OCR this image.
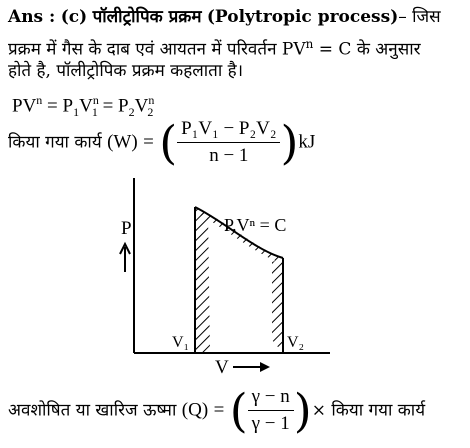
Ans : (c) पॉलीट्रोपिक प्रक्रम (Polytropic process)– जिस
प्रक्रम में गैस के दाब एवं आयतन में परिवर्तन $PV^n = C$ के अनुसार
होते है, पॉलीट्रोपिक प्रक्रम कहलाता है।
$PV^n = P_1V^n_1 = P_2V^n_2$
किया गया कार्य (W) = ( $\frac{\text{P₁V₁ − P₂V₂}}{n - 1} )kJ$
P
V
V₁	V₂
P.Vⁿ = C
अवशोषित या खारिज ऊष्मा (Q) = ( $\frac{\gamma - n}{\gamma - 1}$ )× किया गया कार्य
